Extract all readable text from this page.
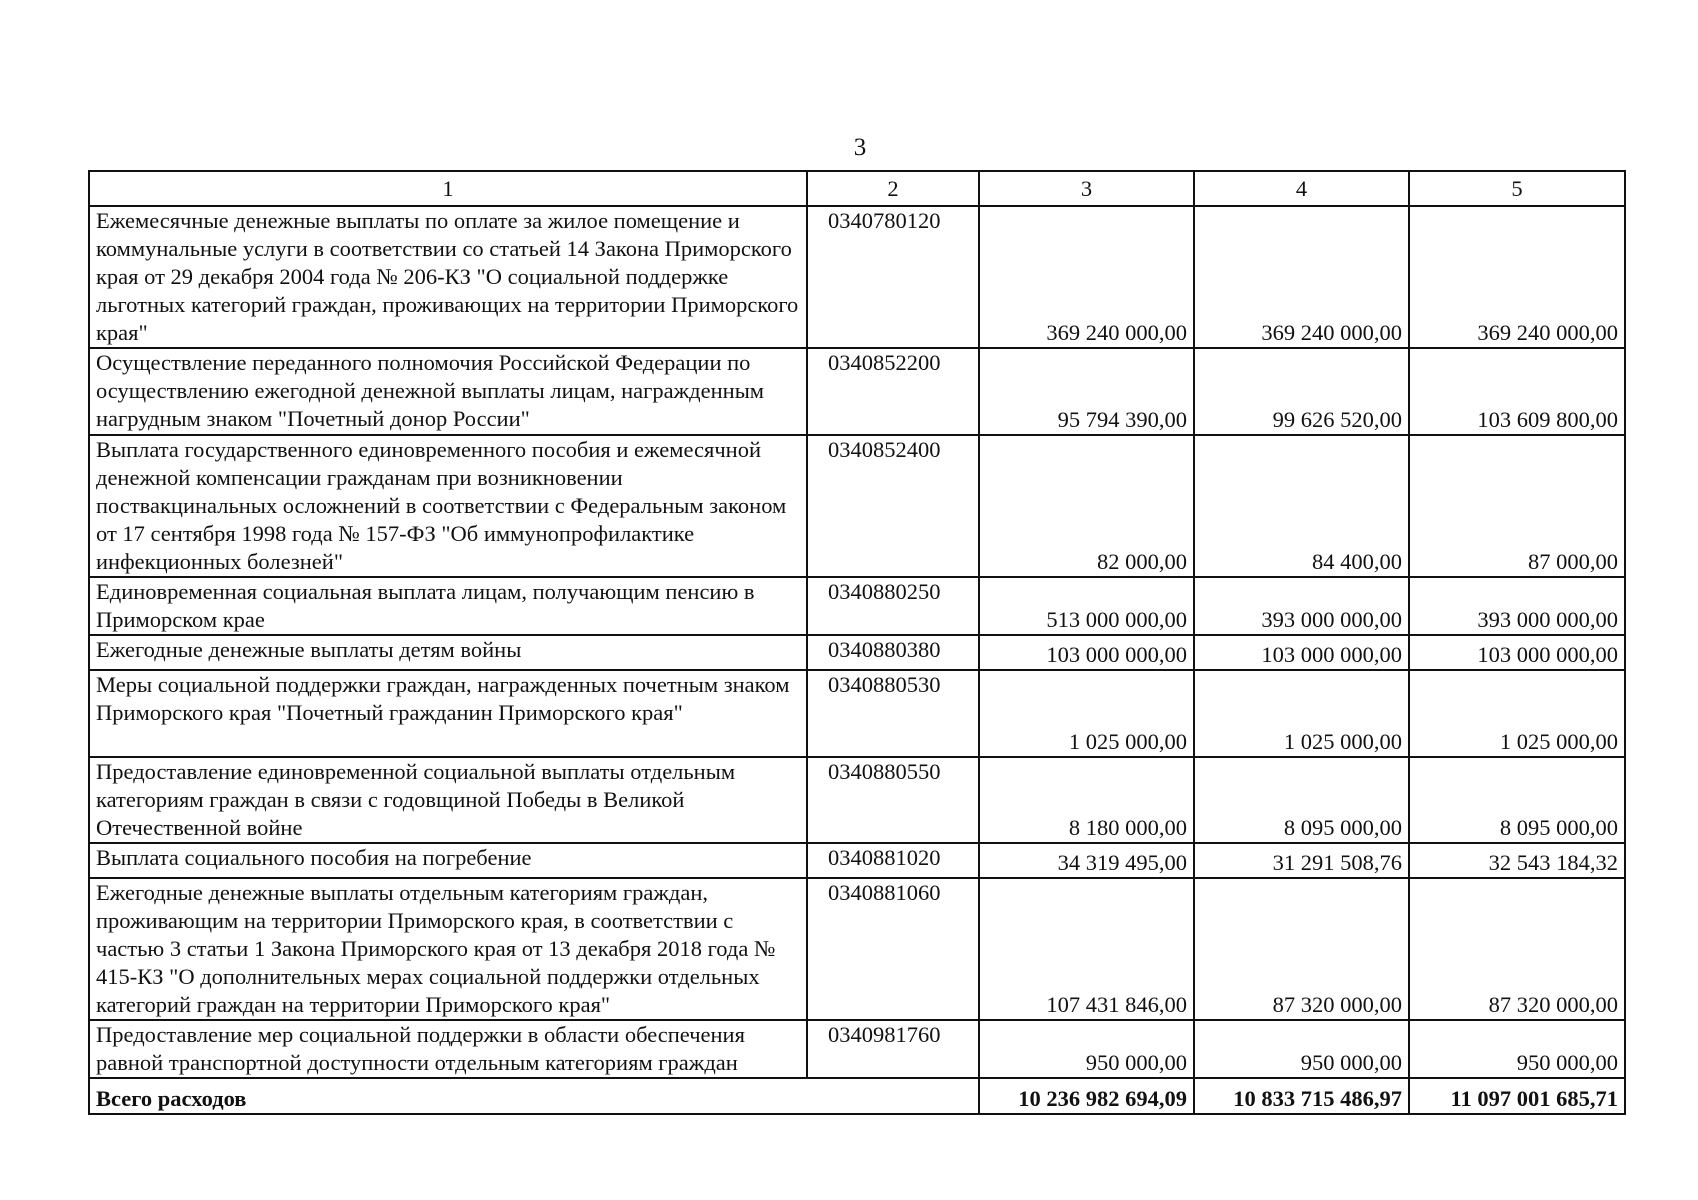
3
1	2	3	4	5
Ежемесячные денежные выплаты по оплате за жилое помещение и коммунальные услуги в соответствии со статьей 14 Закона Приморского края от 29 декабря 2004 года № 206-КЗ "О социальной поддержке льготных категорий граждан, проживающих на территории Приморского края"	0340780120	369 240 000,00	369 240 000,00	369 240 000,00
Осуществление переданного полномочия Российской Федерации по осуществлению ежегодной денежной выплаты лицам, награжденным нагрудным знаком "Почетный донор России"	0340852200	95 794 390,00	99 626 520,00	103 609 800,00
Выплата государственного единовременного пособия и ежемесячной денежной компенсации гражданам при возникновении поствакцинальных осложнений в соответствии с Федеральным законом от 17 сентября 1998 года № 157-ФЗ "Об иммунопрофилактике инфекционных болезней"	0340852400	82 000,00	84 400,00	87 000,00
Единовременная социальная выплата лицам, получающим пенсию в Приморском крае	0340880250	513 000 000,00	393 000 000,00	393 000 000,00
Ежегодные денежные выплаты детям войны	0340880380	103 000 000,00	103 000 000,00	103 000 000,00
Меры социальной поддержки граждан, награжденных почетным знаком Приморского края "Почетный гражданин Приморского края"	0340880530	1 025 000,00	1 025 000,00	1 025 000,00
Предоставление единовременной социальной выплаты отдельным категориям граждан в связи с годовщиной Победы в Великой Отечественной войне	0340880550	8 180 000,00	8 095 000,00	8 095 000,00
Выплата социального пособия на погребение	0340881020	34 319 495,00	31 291 508,76	32 543 184,32
Ежегодные денежные выплаты отдельным категориям граждан, проживающим на территории Приморского края, в соответствии с частью 3 статьи 1 Закона Приморского края от 13 декабря 2018 года № 415-КЗ "О дополнительных мерах социальной поддержки отдельных категорий граждан на территории Приморского края"	0340881060	107 431 846,00	87 320 000,00	87 320 000,00
Предоставление мер социальной поддержки в области обеспечения равной транспортной доступности отдельным категориям граждан	0340981760	950 000,00	950 000,00	950 000,00
Всего расходов		10 236 982 694,09	10 833 715 486,97	11 097 001 685,71
